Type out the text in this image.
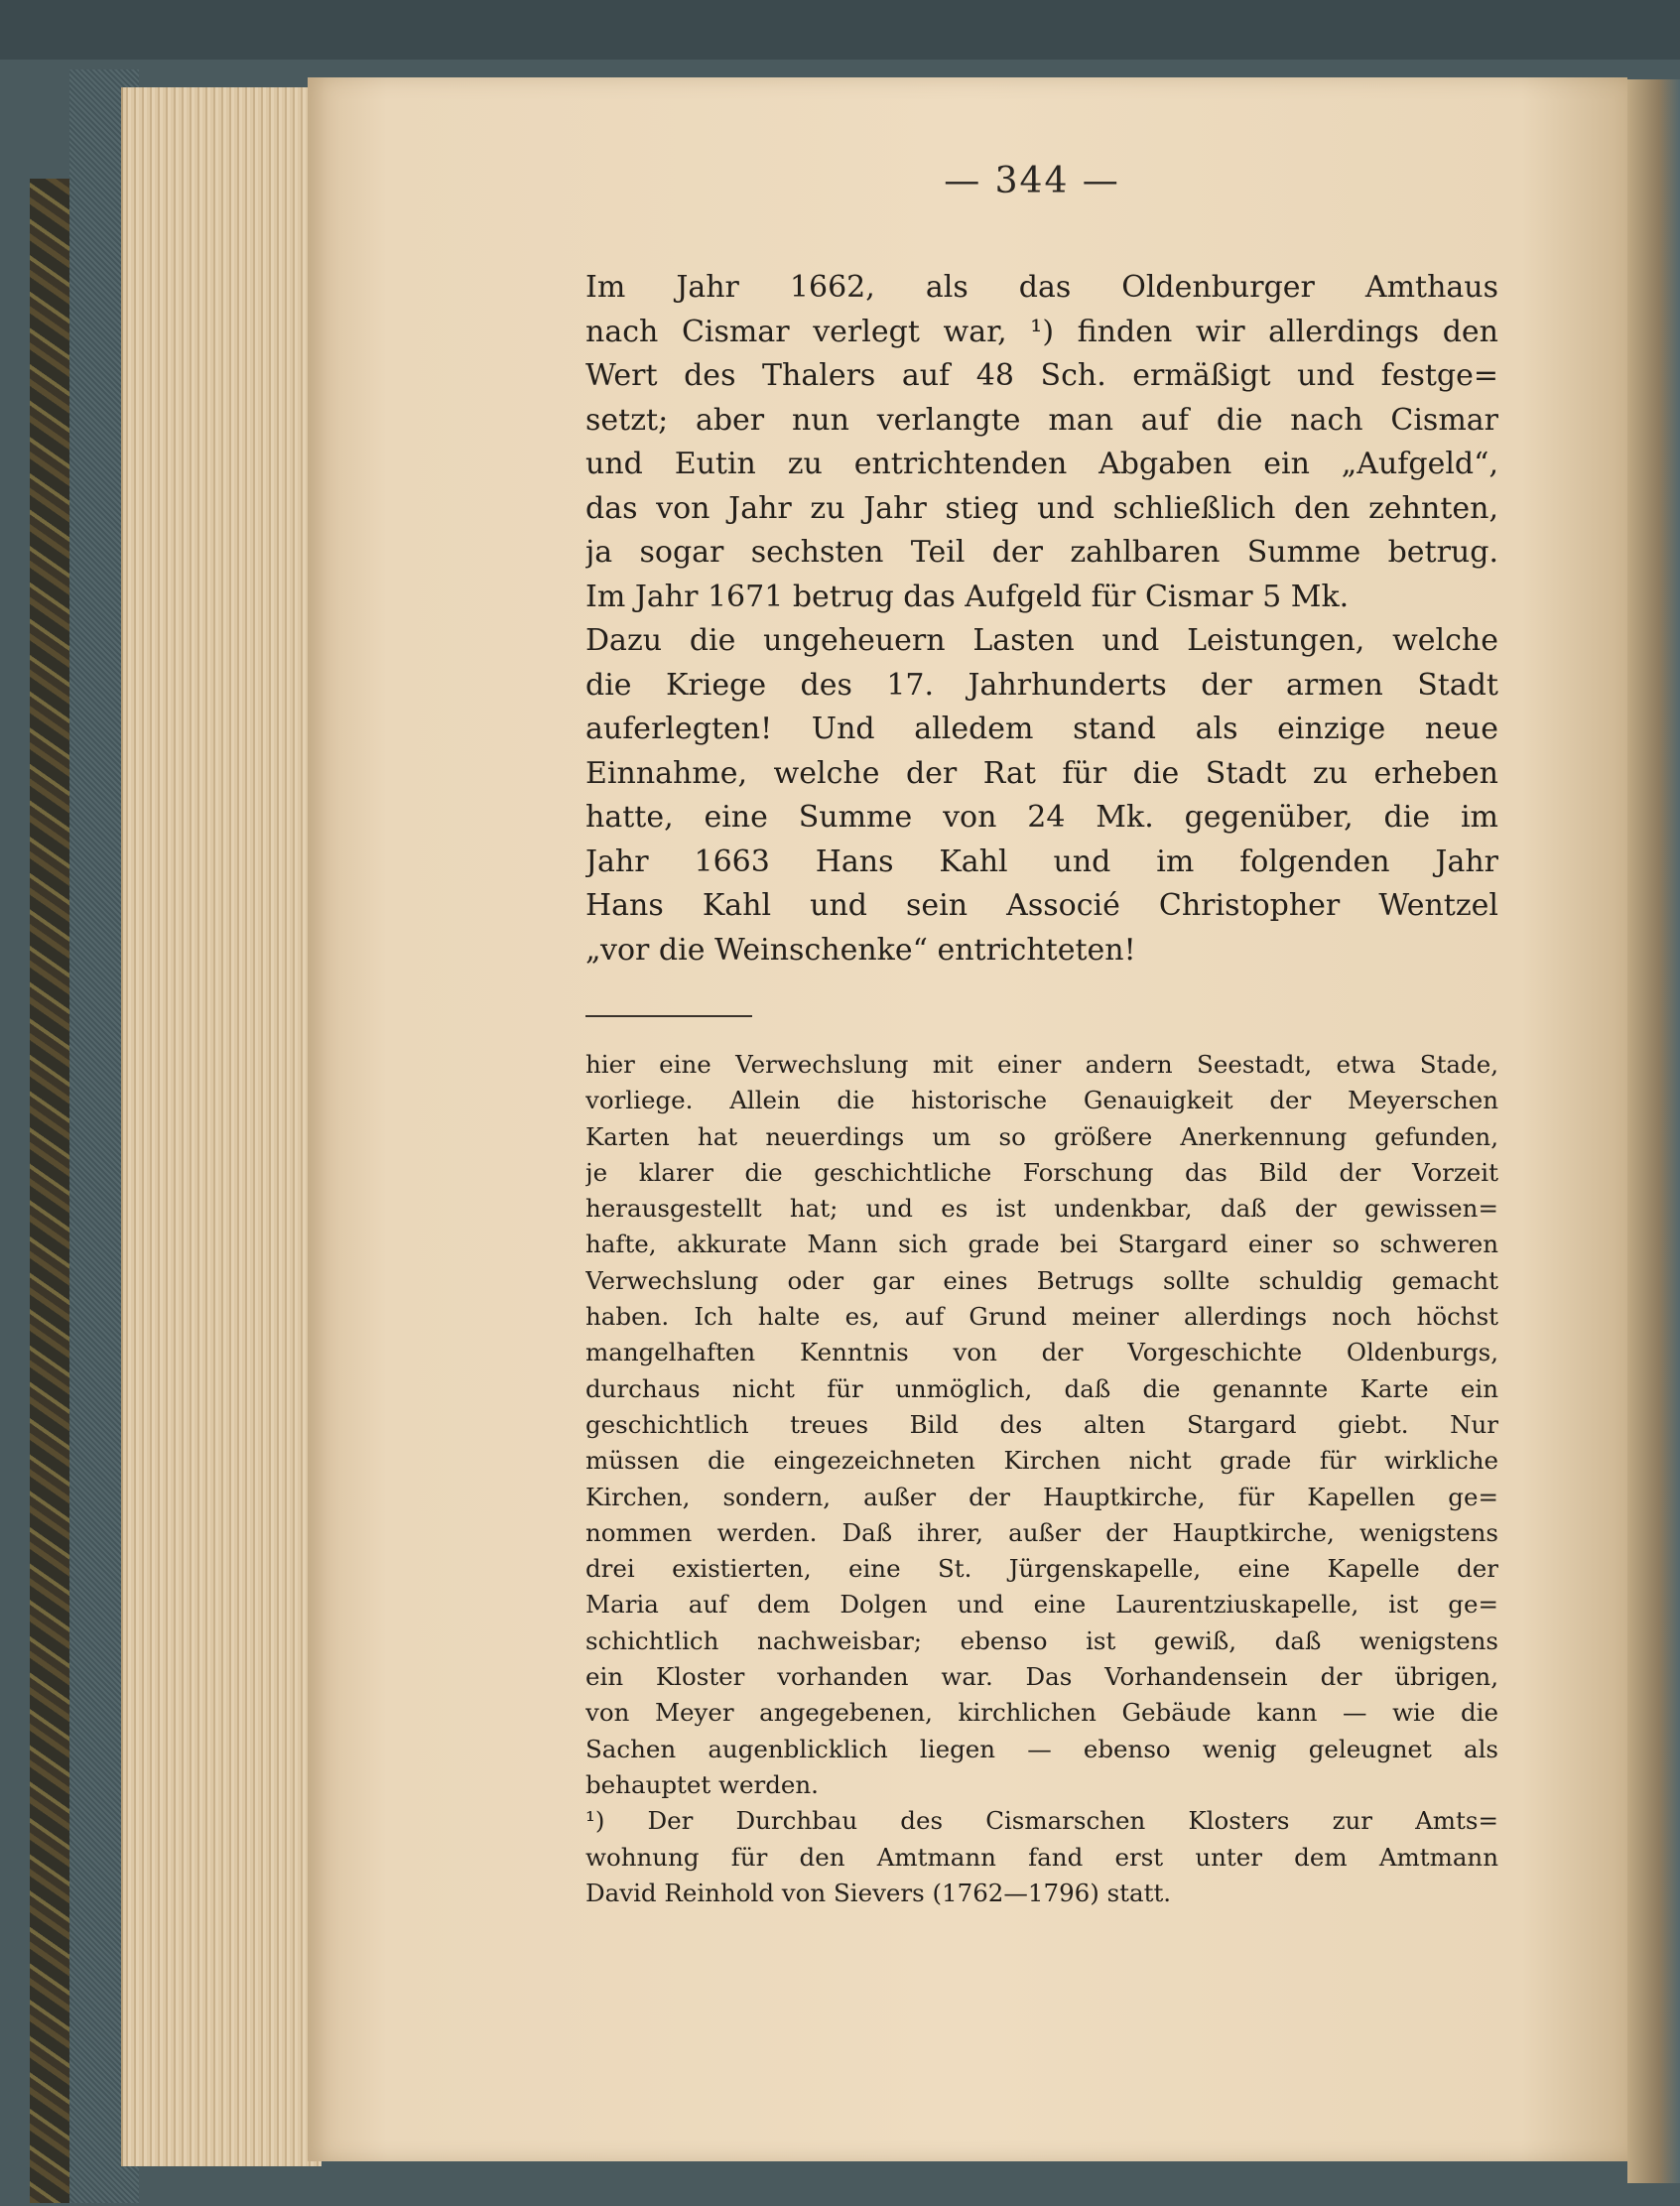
— 344 —
Im Jahr 1662, als das Oldenburger Amthaus
nach Cismar verlegt war, ¹) finden wir allerdings den
Wert des Thalers auf 48 Sch. ermäßigt und festge=
setzt; aber nun verlangte man auf die nach Cismar
und Eutin zu entrichtenden Abgaben ein „Aufgeld“,
das von Jahr zu Jahr stieg und schließlich den zehnten,
ja sogar sechsten Teil der zahlbaren Summe betrug.
Im Jahr 1671 betrug das Aufgeld für Cismar 5 Mk.
Dazu die ungeheuern Lasten und Leistungen, welche
die Kriege des 17. Jahrhunderts der armen Stadt
auferlegten! Und alledem stand als einzige neue
Einnahme, welche der Rat für die Stadt zu erheben
hatte, eine Summe von 24 Mk. gegenüber, die im
Jahr 1663 Hans Kahl und im folgenden Jahr
Hans Kahl und sein Associé Christopher Wentzel
„vor die Weinschenke“ entrichteten!
hier eine Verwechslung mit einer andern Seestadt, etwa Stade,
vorliege. Allein die historische Genauigkeit der Meyerschen
Karten hat neuerdings um so größere Anerkennung gefunden,
je klarer die geschichtliche Forschung das Bild der Vorzeit
herausgestellt hat; und es ist undenkbar, daß der gewissen=
hafte, akkurate Mann sich grade bei Stargard einer so schweren
Verwechslung oder gar eines Betrugs sollte schuldig gemacht
haben. Ich halte es, auf Grund meiner allerdings noch höchst
mangelhaften Kenntnis von der Vorgeschichte Oldenburgs,
durchaus nicht für unmöglich, daß die genannte Karte ein
geschichtlich treues Bild des alten Stargard giebt. Nur
müssen die eingezeichneten Kirchen nicht grade für wirkliche
Kirchen, sondern, außer der Hauptkirche, für Kapellen ge=
nommen werden. Daß ihrer, außer der Hauptkirche, wenigstens
drei existierten, eine St. Jürgenskapelle, eine Kapelle der
Maria auf dem Dolgen und eine Laurentziuskapelle, ist ge=
schichtlich nachweisbar; ebenso ist gewiß, daß wenigstens
ein Kloster vorhanden war. Das Vorhandensein der übrigen,
von Meyer angegebenen, kirchlichen Gebäude kann — wie die
Sachen augenblicklich liegen — ebenso wenig geleugnet als
behauptet werden.
¹) Der Durchbau des Cismarschen Klosters zur Amts=
wohnung für den Amtmann fand erst unter dem Amtmann
David Reinhold von Sievers (1762—1796) statt.
